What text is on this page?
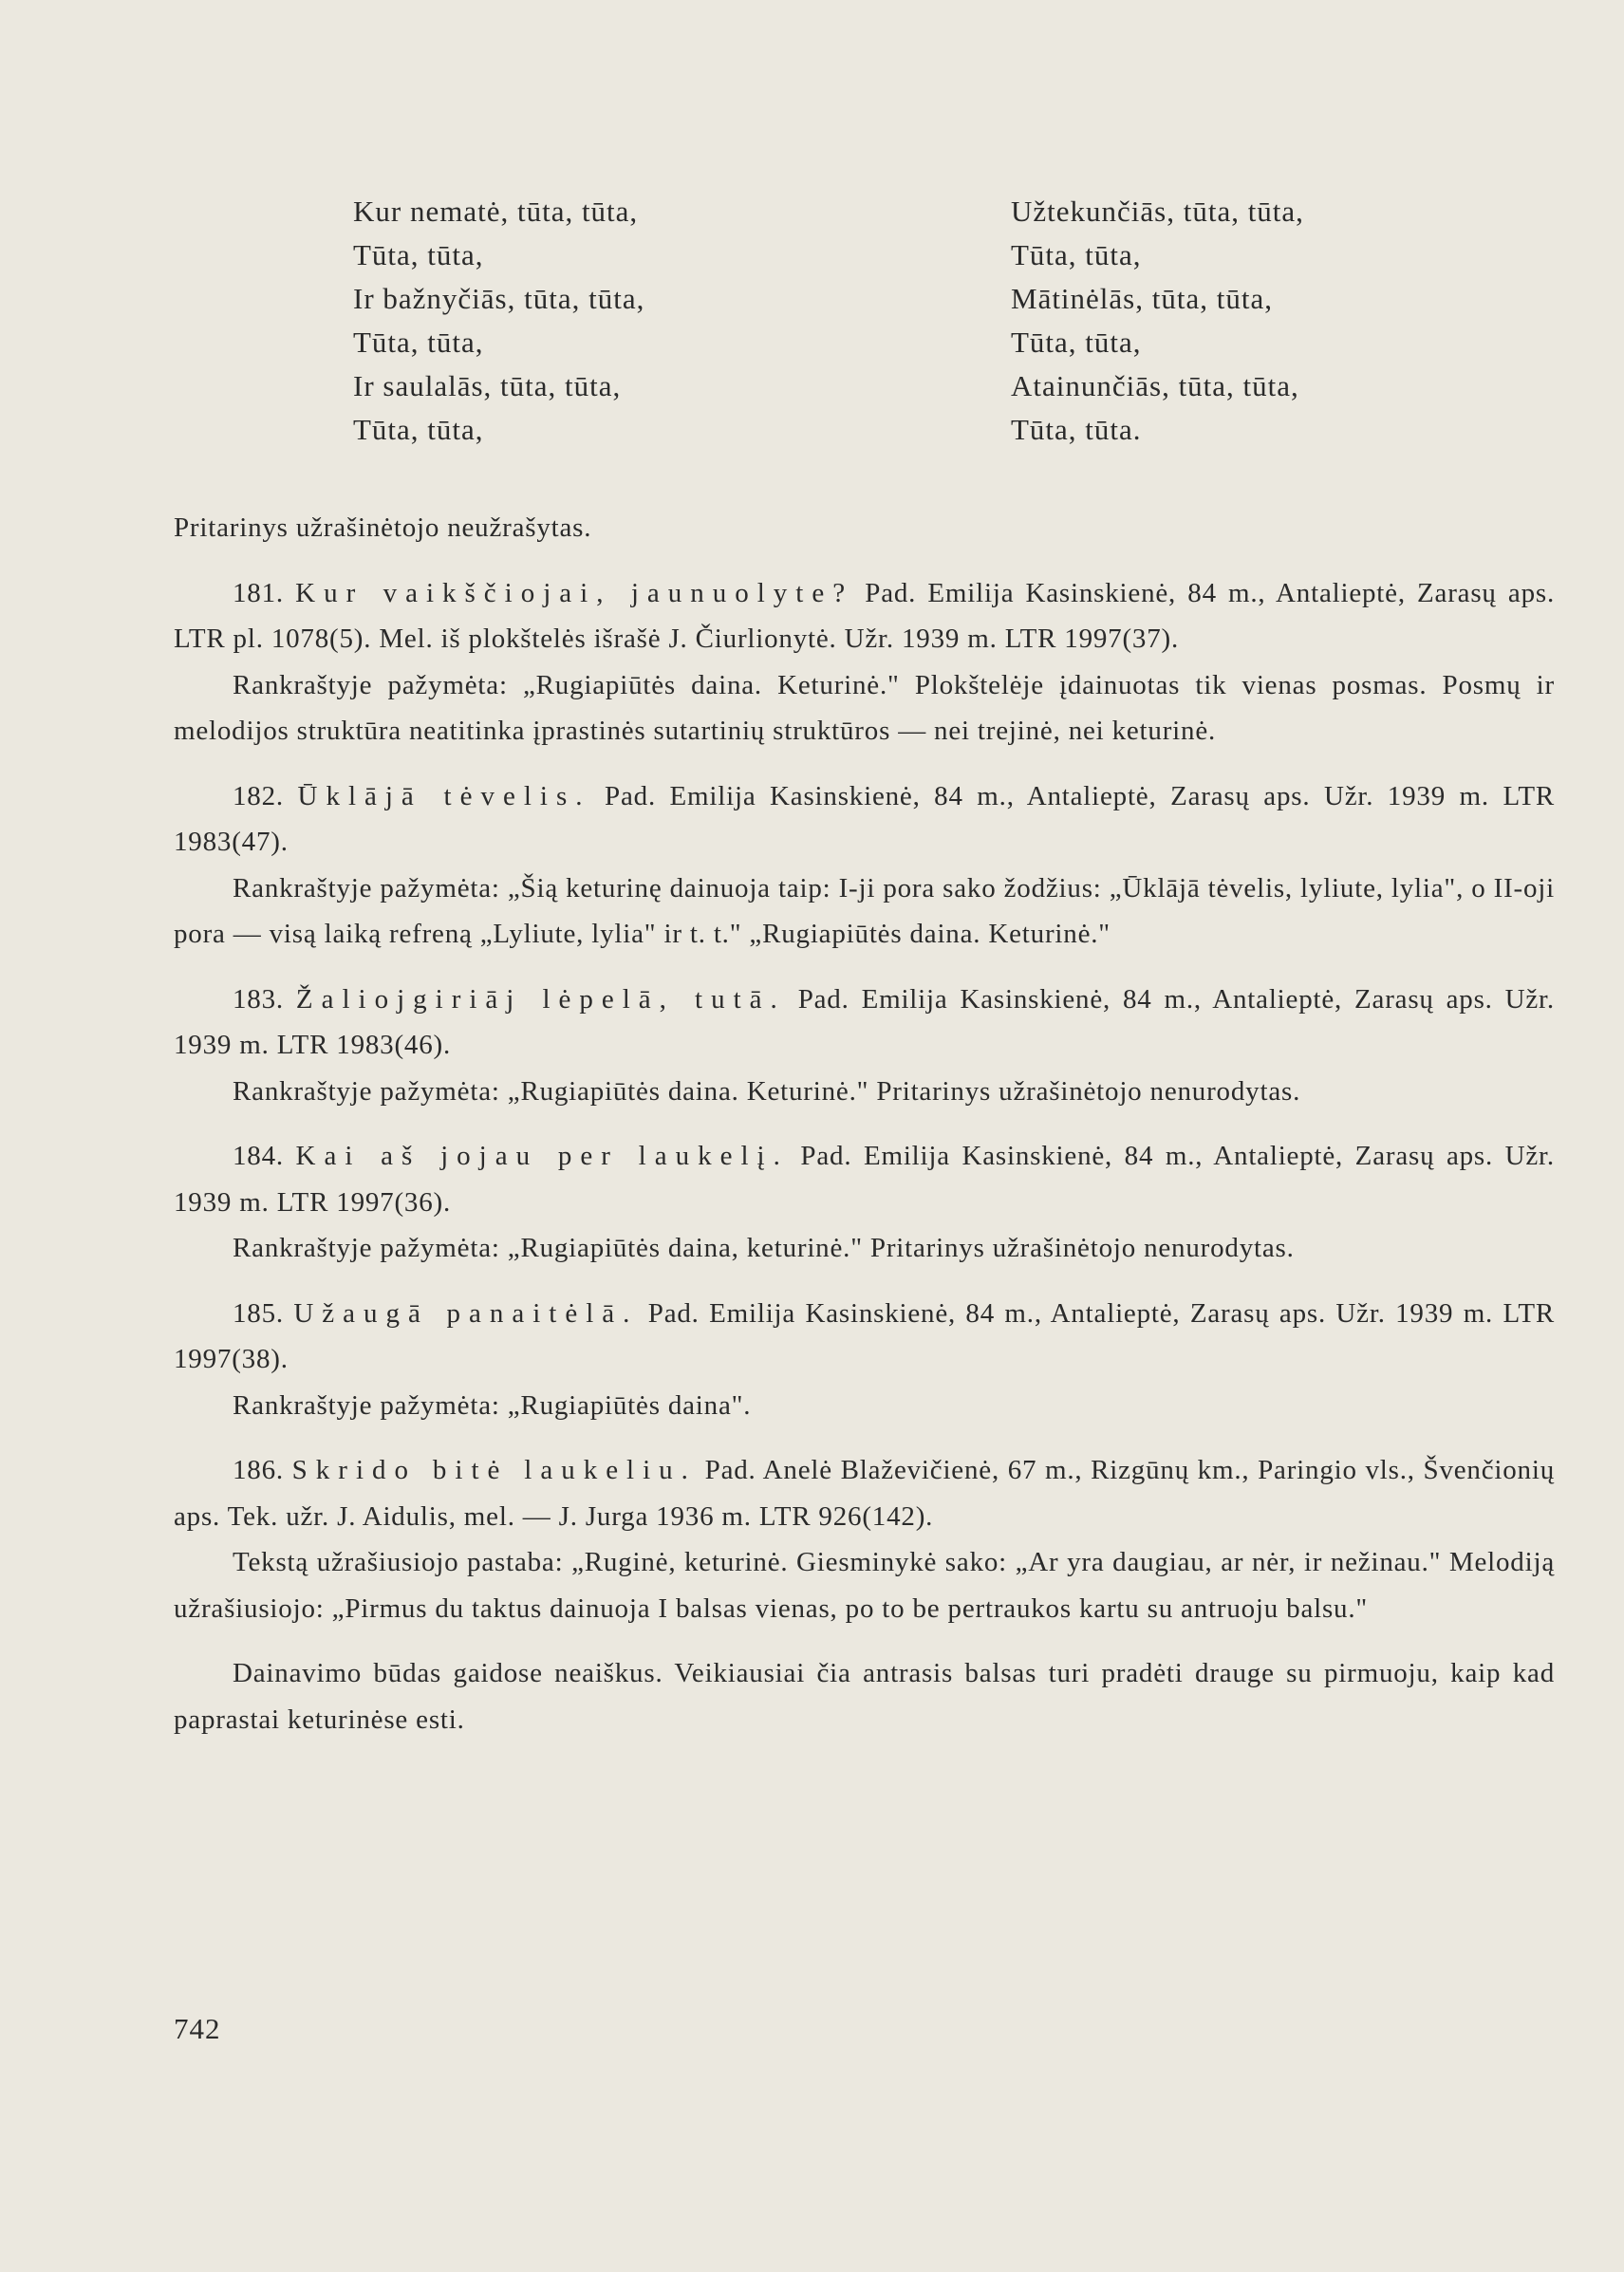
Kur nematė, tūta, tūta,
Tūta, tūta,
Ir bažnyčiās, tūta, tūta,
Tūta, tūta,
Ir saulalās, tūta, tūta,
Tūta, tūta,
Užtekunčiās, tūta, tūta,
Tūta, tūta,
Mātinėlās, tūta, tūta,
Tūta, tūta,
Atainunčiās, tūta, tūta,
Tūta, tūta.

Pritarinys užrašinėtojo neužrašytas.

181. Kur vaikščiojai, jaunuolyte? Pad. Emilija Kasinskienė, 84 m., Antalieptė, Zarasų aps. LTR pl. 1078(5). Mel. iš plokštelės išrašė J. Čiurlionytė. Užr. 1939 m. LTR 1997(37).

Rankraštyje pažymėta: „Rugiapiūtės daina. Keturinė." Plokštelėje įdainuotas tik vienas posmas. Posmų ir melodijos struktūra neatitinka įprastinės sutartinių struktūros — nei trejinė, nei keturinė.

182. Ūklājā tėvelis. Pad. Emilija Kasinskienė, 84 m., Antalieptė, Zarasų aps. Užr. 1939 m. LTR 1983(47).

Rankraštyje pažymėta: „Šią keturinę dainuoja taip: I-ji pora sako žodžius: „Ūklājā tėvelis, lyliute, lylia", o II-oji pora — visą laiką refreną „Lyliute, lylia" ir t. t." „Rugiapiūtės daina. Keturinė."

183. Žaliojgiriāj lėpelā, tutā. Pad. Emilija Kasinskienė, 84 m., Antalieptė, Zarasų aps. Užr. 1939 m. LTR 1983(46).

Rankraštyje pažymėta: „Rugiapiūtės daina. Keturinė." Pritarinys užrašinėtojo nenurodytas.

184. Kai aš jojau per laukelį. Pad. Emilija Kasinskienė, 84 m., Antalieptė, Zarasų aps. Užr. 1939 m. LTR 1997(36).

Rankraštyje pažymėta: „Rugiapiūtės daina, keturinė." Pritarinys užrašinėtojo nenurodytas.

185. Užaugā panaitėlā. Pad. Emilija Kasinskienė, 84 m., Antalieptė, Zarasų aps. Užr. 1939 m. LTR 1997(38).

Rankraštyje pažymėta: „Rugiapiūtės daina".

186. Skrido bitė laukeliu. Pad. Anelė Blaževičienė, 67 m., Rizgūnų km., Paringio vls., Švenčionių aps. Tek. užr. J. Aidulis, mel. — J. Jurga 1936 m. LTR 926(142).

Tekstą užrašiusiojo pastaba: „Ruginė, keturinė. Giesminykė sako: „Ar yra daugiau, ar nėr, ir nežinau." Melodiją užrašiusiojo: „Pirmus du taktus dainuoja I balsas vienas, po to be pertraukos kartu su antruoju balsu."

Dainavimo būdas gaidose neaiškus. Veikiausiai čia antrasis balsas turi pradėti drauge su pirmuoju, kaip kad paprastai keturinėse esti.

742
